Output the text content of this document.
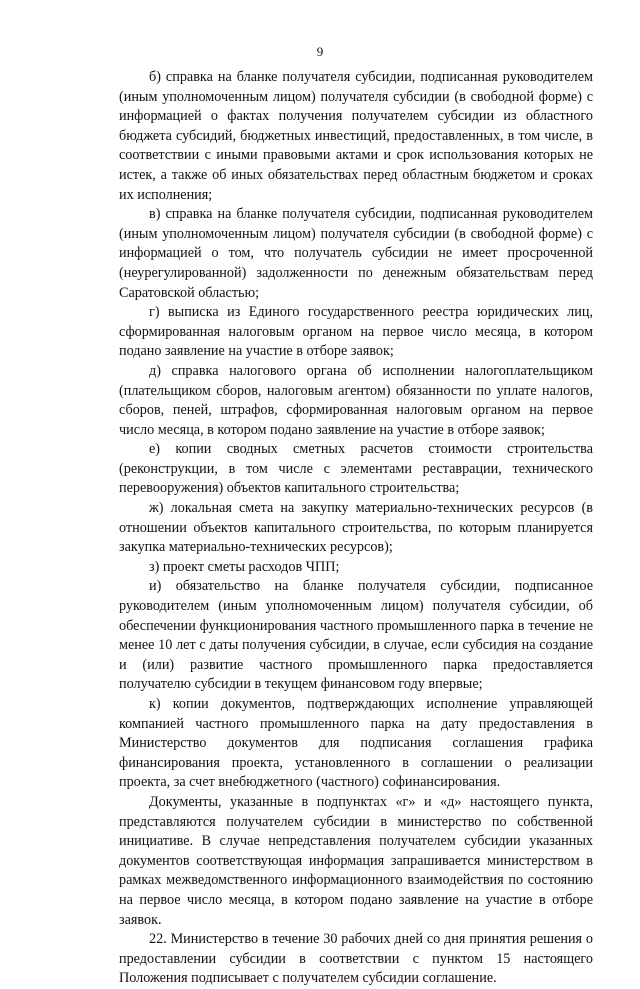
9

б) справка на бланке получателя субсидии, подписанная руководителем (иным уполномоченным лицом) получателя субсидии (в свободной форме) с информацией о фактах получения получателем субсидии из областного бюджета субсидий, бюджетных инвестиций, предоставленных, в том числе, в соответствии с иными правовыми актами и срок использования которых не истек, а также об иных обязательствах перед областным бюджетом и сроках их исполнения;

в) справка на бланке получателя субсидии, подписанная руководителем (иным уполномоченным лицом) получателя субсидии (в свободной форме) с информацией о том, что получатель субсидии не имеет просроченной (неурегулированной) задолженности по денежным обязательствам перед Саратовской областью;

г) выписка из Единого государственного реестра юридических лиц, сформированная налоговым органом на первое число месяца, в котором подано заявление на участие в отборе заявок;

д) справка налогового органа об исполнении налогоплательщиком (плательщиком сборов, налоговым агентом) обязанности по уплате налогов, сборов, пеней, штрафов, сформированная налоговым органом на первое число месяца, в котором подано заявление на участие в отборе заявок;

е) копии сводных сметных расчетов стоимости строительства (реконструкции, в том числе с элементами реставрации, технического перевооружения) объектов капитального строительства;

ж) локальная смета на закупку материально-технических ресурсов (в отношении объектов капитального строительства, по которым планируется закупка материально-технических ресурсов);

з) проект сметы расходов ЧПП;

и) обязательство на бланке получателя субсидии, подписанное руководителем (иным уполномоченным лицом) получателя субсидии, об обеспечении функционирования частного промышленного парка в течение не менее 10 лет с даты получения субсидии, в случае, если субсидия на создание и (или) развитие частного промышленного парка предоставляется получателю субсидии в текущем финансовом году впервые;

к) копии документов, подтверждающих исполнение управляющей компанией частного промышленного парка на дату предоставления в Министерство документов для подписания соглашения графика финансирования проекта, установленного в соглашении о реализации проекта, за счет внебюджетного (частного) софинансирования.

Документы, указанные в подпунктах «г» и «д» настоящего пункта, представляются получателем субсидии в министерство по собственной инициативе. В случае непредставления получателем субсидии указанных документов соответствующая информация запрашивается министерством в рамках межведомственного информационного взаимодействия по состоянию на первое число месяца, в котором подано заявление на участие в отборе заявок.

22. Министерство в течение 30 рабочих дней со дня принятия решения о предоставлении субсидии в соответствии с пунктом 15 настоящего Положения подписывает с получателем субсидии соглашение.
